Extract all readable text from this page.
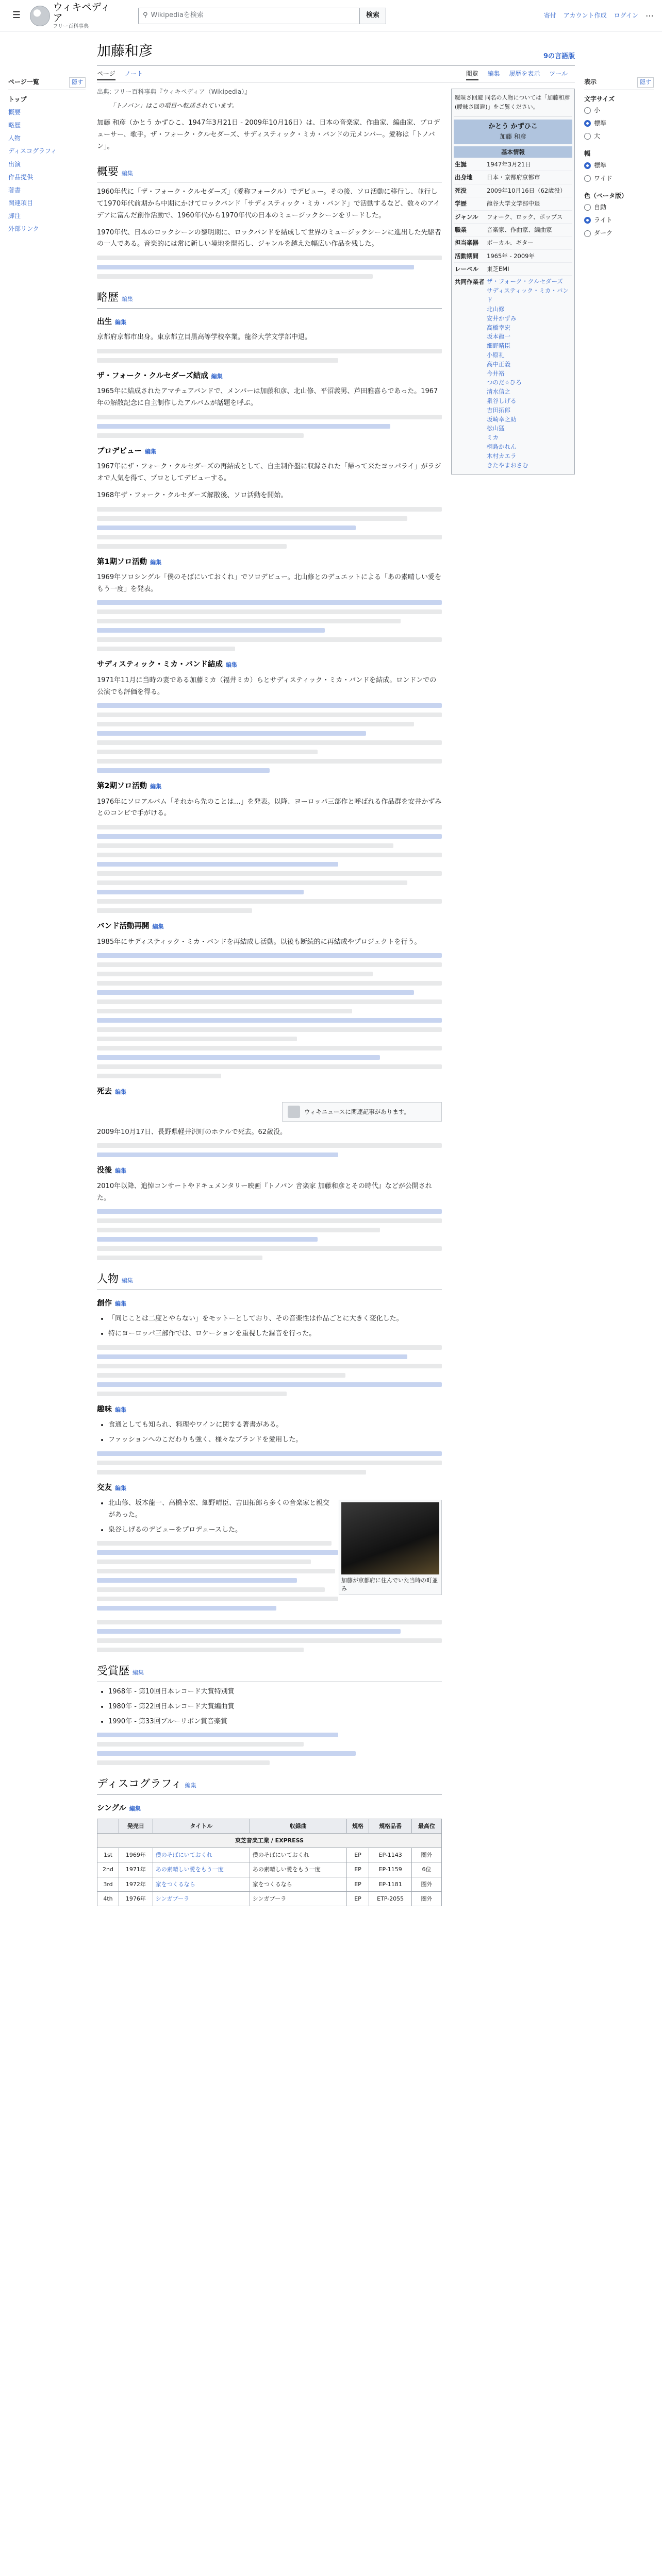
☰
ウィキペディア
フリー百科事典
⚲ Wikipediaを検索	検索	寄付 アカウント作成 ログイン ⋯
ページ一覧	隠す
トップ
概要
略歴
人物
ディスコグラフィ
出演
作品提供
著書
関連項目
脚注
外部リンク
加藤和彦	9の言語版
ページ ノート	閲覧 編集 履歴を表示 ツール
出典: フリー百科事典『ウィキペディア（Wikipedia）』
「トノバン」はこの項目へ転送されています。

加藤 和彦（かとう かずひこ、1947年3月21日 - 2009年10月16日）は、日本の音楽家、作曲家、編曲家、プロデューサー、歌手。ザ・フォーク・クルセダーズ、サディスティック・ミカ・バンドの元メンバー。愛称は「トノバン」。

概要 編集

1960年代に「ザ・フォーク・クルセダーズ」（愛称フォークル）でデビュー。その後、ソロ活動に移行し、並行して1970年代前期から中期にかけてロックバンド「サディスティック・ミカ・バンド」で活動するなど、数々のアイデアに富んだ創作活動で、1960年代から1970年代の日本のミュージックシーンをリードした。

1970年代、日本のロックシーンの黎明期に、ロックバンドを結成して世界のミュージックシーンに進出した先駆者の一人である。音楽的には常に新しい境地を開拓し、ジャンルを越えた幅広い作品を残した。

略歴 編集
出生 編集

京都府京都市出身。東京都立目黒高等学校卒業。龍谷大学文学部中退。

ザ・フォーク・クルセダーズ結成 編集

1965年に結成されたアマチュアバンドで、メンバーは加藤和彦、北山修、平沼義男、芦田雅喜らであった。1967年の解散記念に自主制作したアルバムが話題を呼ぶ。

プロデビュー 編集

1967年にザ・フォーク・クルセダーズの再結成として、自主制作盤に収録された「帰って来たヨッパライ」がラジオで人気を得て、プロとしてデビューする。

1968年ザ・フォーク・クルセダーズ解散後、ソロ活動を開始。

第1期ソロ活動 編集

1969年ソロシングル「僕のそばにいておくれ」でソロデビュー。北山修とのデュエットによる「あの素晴しい愛をもう一度」を発表。

サディスティック・ミカ・バンド結成 編集

1971年11月に当時の妻である加藤ミカ（福井ミカ）らとサディスティック・ミカ・バンドを結成。ロンドンでの公演でも評価を得る。

第2期ソロ活動 編集

1976年にソロアルバム「それから先のことは…」を発表。以降、ヨーロッパ三部作と呼ばれる作品群を安井かずみとのコンビで手がける。

バンド活動再開 編集

1985年にサディスティック・ミカ・バンドを再結成し活動。以後も断続的に再結成やプロジェクトを行う。

死去 編集
ウィキニュースに関連記事があります。

2009年10月17日、長野県軽井沢町のホテルで死去。62歳没。

没後 編集

2010年以降、追悼コンサートやドキュメンタリー映画『トノバン 音楽家 加藤和彦とその時代』などが公開された。

人物 編集
創作 編集
• 「同じことは二度とやらない」をモットーとしており、その音楽性は作品ごとに大きく変化した。
• 特にヨーロッパ三部作では、ロケーションを重視した録音を行った。
趣味 編集
• 食通としても知られ、料理やワインに関する著書がある。
• ファッションへのこだわりも強く、様々なブランドを愛用した。
交友 編集
加藤が京都府に住んでいた当時の町並み
• 北山修、坂本龍一、高橋幸宏、細野晴臣、吉田拓郎ら多くの音楽家と親交があった。
• 泉谷しげるのデビューをプロデュースした。
受賞歴 編集
• 1968年 - 第10回日本レコード大賞特別賞
• 1980年 - 第22回日本レコード大賞編曲賞
• 1990年 - 第33回ブルーリボン賞音楽賞
ディスコグラフィ 編集
シングル 編集
	発売日	タイトル	収録曲	規格	規格品番	最高位
東芝音楽工業 / EXPRESS						
1st	1969年	僕のそばにいておくれ	僕のそばにいておくれ	EP	EP-1143	圏外
2nd	1971年	あの素晴しい愛をもう一度	あの素晴しい愛をもう一度	EP	EP-1159	6位
3rd	1972年	家をつくるなら	家をつくるなら	EP	EP-1181	圏外
4th	1976年	シンガプーラ	シンガプーラ	EP	ETP-2055	圏外
曖昧さ回避 同名の人物については「加藤和彦 (曖昧さ回避)」をご覧ください。
かとう かずひこ
加藤 和彦
基本情報
生誕	1947年3月21日
出身地	日本・京都府京都市
死没	2009年10月16日（62歳没）
学歴	龍谷大学文学部中退
ジャンル	フォーク、ロック、ポップス
職業	音楽家、作曲家、編曲家
担当楽器	ボーカル、ギター
活動期間	1965年 - 2009年
レーベル	東芝EMI
共同作業者 ザ・フォーク・クルセダーズ
サディスティック・ミカ・バンド
北山修
安井かずみ
高橋幸宏
坂本龍一
細野晴臣
小原礼
高中正義
今井裕
つのだ☆ひろ
清水信之
泉谷しげる
吉田拓郎
坂崎幸之助
松山猛
ミカ
桐島かれん
木村カエラ
きたやまおさむ
表示	隠す
文字サイズ
小
標準
大
幅
標準
ワイド
色（ベータ版）
自動
ライト
ダーク
